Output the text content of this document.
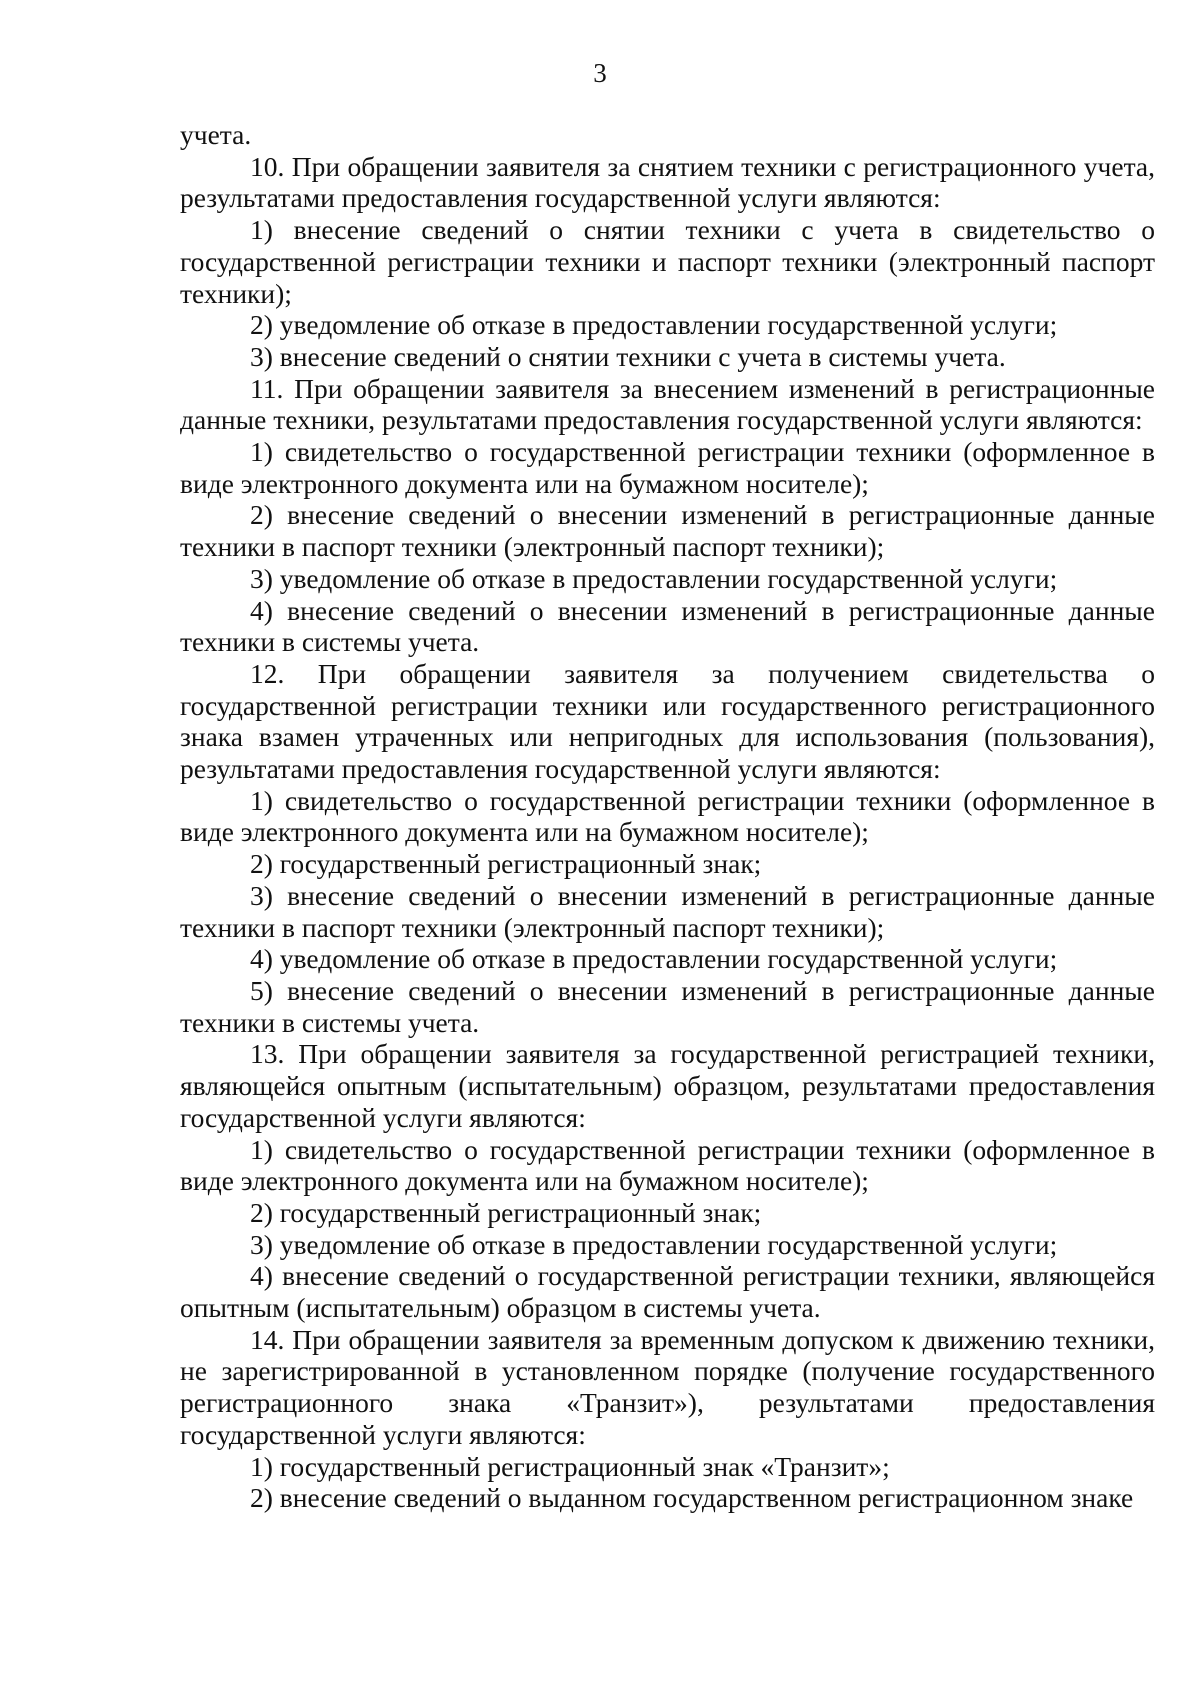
3

учета.

10. При обращении заявителя за снятием техники с регистрационного учета, результатами предоставления государственной услуги являются:

1) внесение сведений о снятии техники с учета в свидетельство о государственной регистрации техники и паспорт техники (электронный паспорт техники);

2) уведомление об отказе в предоставлении государственной услуги;

3) внесение сведений о снятии техники с учета в системы учета.

11. При обращении заявителя за внесением изменений в регистрационные данные техники, результатами предоставления государственной услуги являются:

1) свидетельство о государственной регистрации техники (оформленное в виде электронного документа или на бумажном носителе);

2) внесение сведений о внесении изменений в регистрационные данные техники в паспорт техники (электронный паспорт техники);

3) уведомление об отказе в предоставлении государственной услуги;

4) внесение сведений о внесении изменений в регистрационные данные техники в системы учета.

12. При обращении заявителя за получением свидетельства о государственной регистрации техники или государственного регистрационного знака взамен утраченных или непригодных для использования (пользования), результатами предоставления государственной услуги являются:

1) свидетельство о государственной регистрации техники (оформленное в виде электронного документа или на бумажном носителе);

2) государственный регистрационный знак;

3) внесение сведений о внесении изменений в регистрационные данные техники в паспорт техники (электронный паспорт техники);

4) уведомление об отказе в предоставлении государственной услуги;

5) внесение сведений о внесении изменений в регистрационные данные техники в системы учета.

13. При обращении заявителя за государственной регистрацией техники, являющейся опытным (испытательным) образцом, результатами предоставления государственной услуги являются:

1) свидетельство о государственной регистрации техники (оформленное в виде электронного документа или на бумажном носителе);

2) государственный регистрационный знак;

3) уведомление об отказе в предоставлении государственной услуги;

4) внесение сведений о государственной регистрации техники, являющейся опытным (испытательным) образцом в системы учета.

14. При обращении заявителя за временным допуском к движению техники, не зарегистрированной в установленном порядке (получение государственного регистрационного знака «Транзит»), результатами предоставления государственной услуги являются:

1) государственный регистрационный знак «Транзит»;

2) внесение сведений о выданном государственном регистрационном знаке
